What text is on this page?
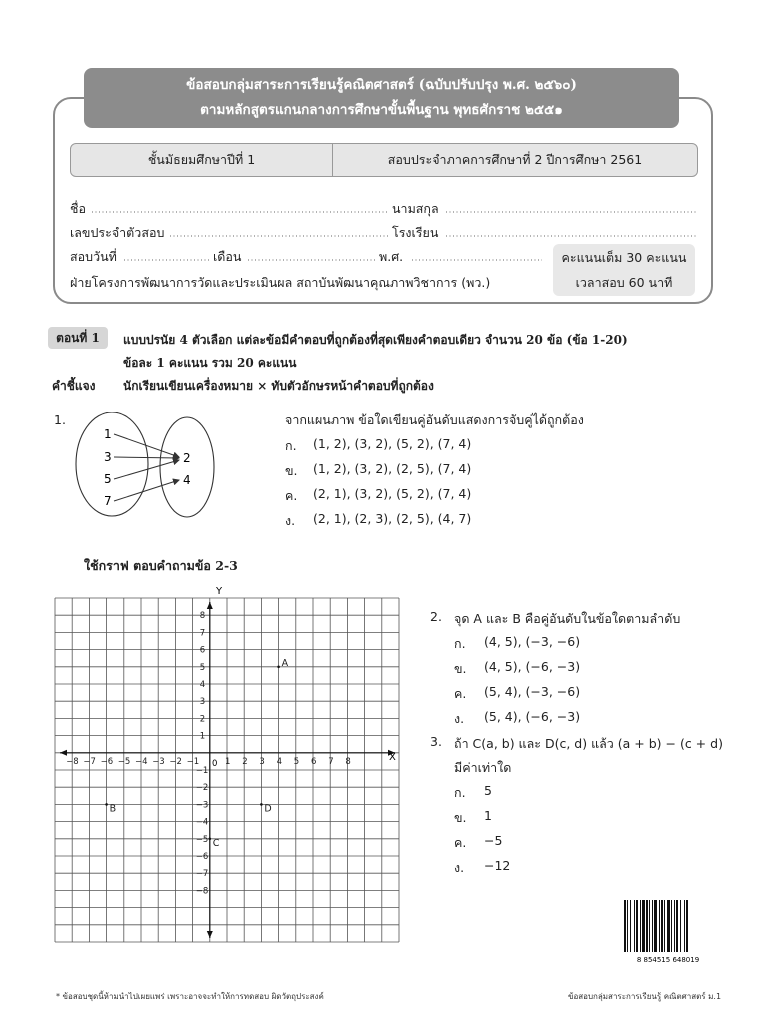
ข้อสอบกลุ่มสาระการเรียนรู้คณิตศาสตร์ (ฉบับปรับปรุง พ.ศ. ๒๕๖๐)
ตามหลักสูตรแกนกลางการศึกษาขั้นพื้นฐาน พุทธศักราช ๒๕๕๑
ชั้นมัธยมศึกษาปีที่ 1	สอบประจำภาคการศึกษาที่ 2 ปีการศึกษา 2561
ชื่อ	นามสกุล
เลขประจำตัวสอบ	โรงเรียน
สอบวันที่	เดือน	พ.ศ.
ฝ่ายโครงการพัฒนาการวัดและประเมินผล สถาบันพัฒนาคุณภาพวิชาการ (พว.)
คะแนนเต็ม 30 คะแนน
เวลาสอบ 60 นาที
ตอนที่ 1	แบบปรนัย 4 ตัวเลือก แต่ละข้อมีคำตอบที่ถูกต้องที่สุดเพียงคำตอบเดียว จำนวน 20 ข้อ (ข้อ 1-20)
ข้อละ 1 คะแนน รวม 20 คะแนน
คำชี้แจง นักเรียนเขียนเครื่องหมาย × ทับตัวอักษรหน้าคำตอบที่ถูกต้อง
1.
1
3
5
7
2
4
จากแผนภาพ ข้อใดเขียนคู่อันดับแสดงการจับคู่ได้ถูกต้อง
ก. (1, 2), (3, 2), (5, 2), (7, 4)
ข. (1, 2), (3, 2), (2, 5), (7, 4)
ค. (2, 1), (3, 2), (5, 2), (7, 4)
ง. (2, 1), (2, 3), (2, 5), (4, 7)
ใช้กราฟ ตอบคำถามข้อ 2-3
−8
−8
−7
−7
−6
−6
−5
−5
−4
−4
−3
−3
−2
−2
−1
−1
1
1
2
2
3
3
4
4
5
5
6
6
7
7
8
8
X
Y
0
A
B
C
D
2. จุด A และ B คือคู่อันดับในข้อใดตามลำดับ
ก. (4, 5), (−3, −6)
ข. (4, 5), (−6, −3)
ค. (5, 4), (−3, −6)
ง. (5, 4), (−6, −3)
3. ถ้า C(a, b) และ D(c, d) แล้ว (a + b) − (c + d)
มีค่าเท่าใด
ก. 5
ข. 1
ค. −5
ง. −12
8 854515 648019
* ข้อสอบชุดนี้ห้ามนำไปเผยแพร่ เพราะอาจจะทำให้การทดสอบ ผิดวัตถุประสงค์	ข้อสอบกลุ่มสาระการเรียนรู้ คณิตศาสตร์ ม.1
